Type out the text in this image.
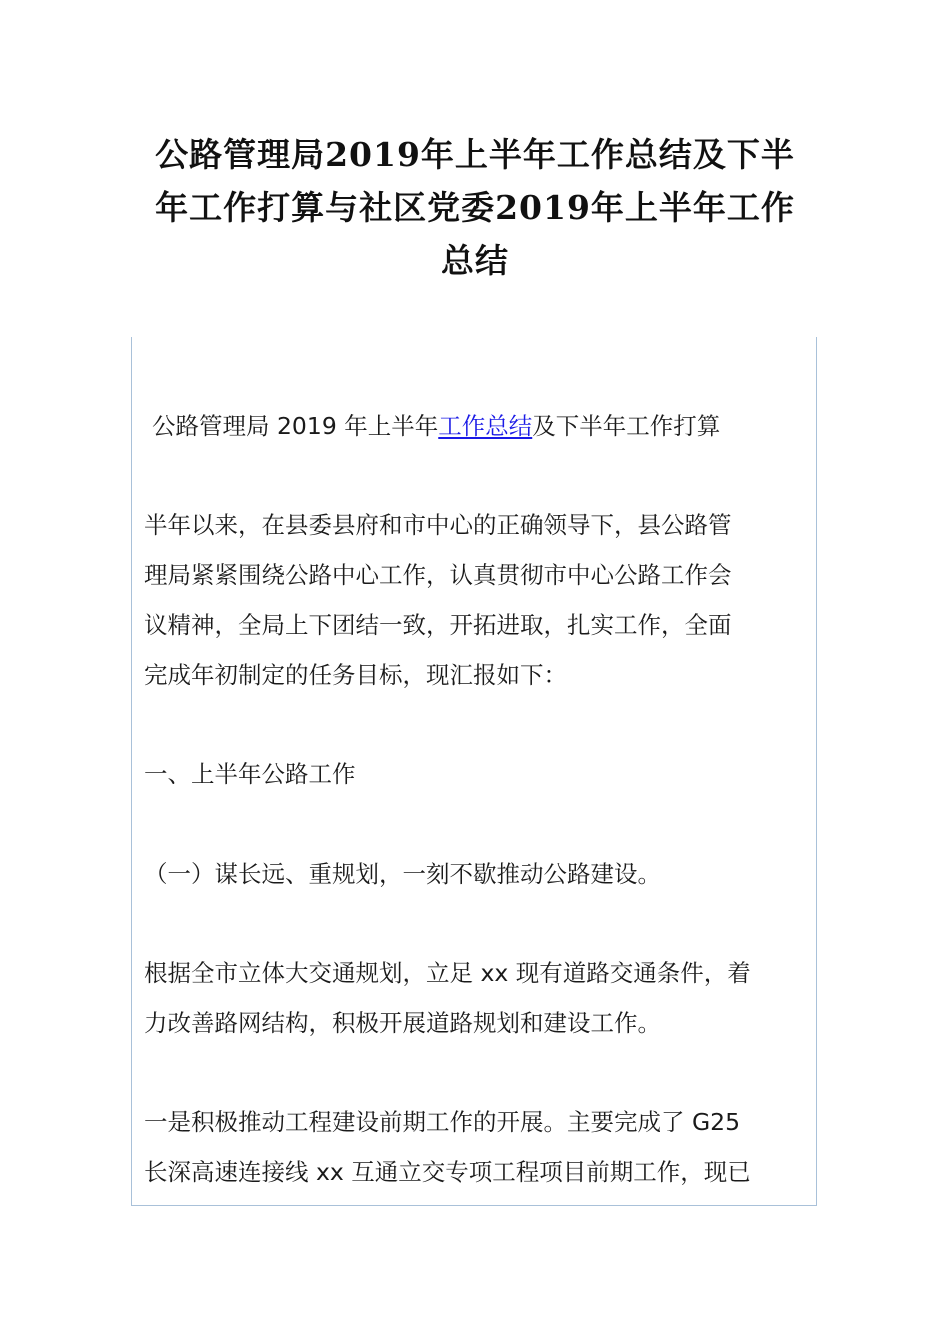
公路管理局2019年上半年工作总结及下半
年工作打算与社区党委2019年上半年工作
总结

公路管理局 2019 年上半年工作总结及下半年工作打算

半年以来，在县委县府和市中心的正确领导下，县公路管

理局紧紧围绕公路中心工作，认真贯彻市中心公路工作会

议精神，全局上下团结一致，开拓进取，扎实工作，全面

完成年初制定的任务目标，现汇报如下：

一、上半年公路工作

（一）谋长远、重规划，一刻不歇推动公路建设。

根据全市立体大交通规划，立足 xx 现有道路交通条件，着

力改善路网结构，积极开展道路规划和建设工作。

一是积极推动工程建设前期工作的开展。主要完成了 G25

长深高速连接线 xx 互通立交专项工程项目前期工作，现已
